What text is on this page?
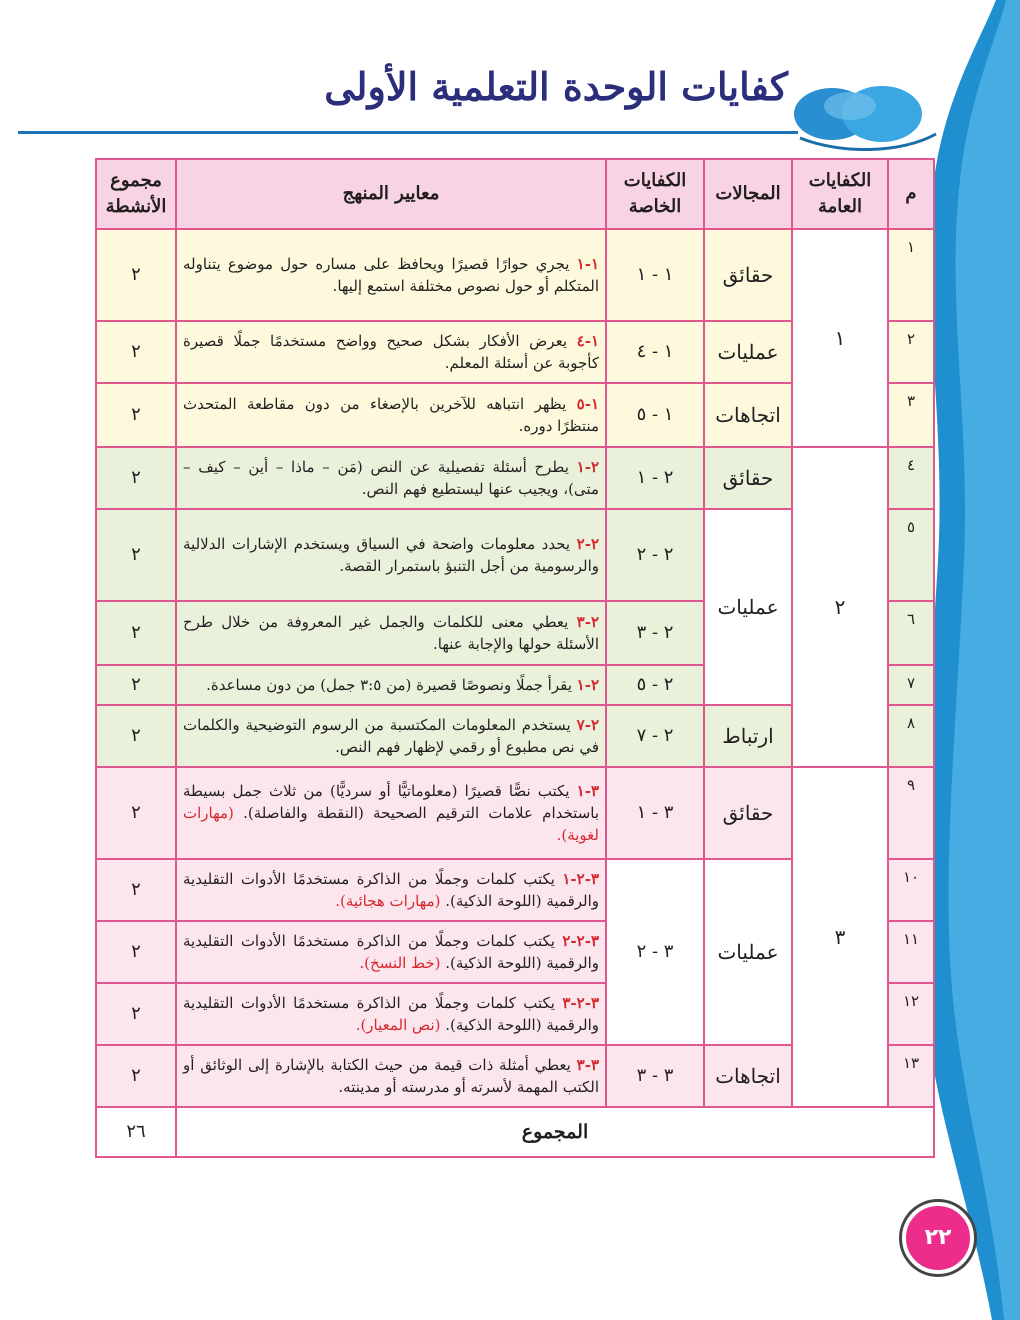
كفايات الوحدة التعلمية الأولى
م	الكفايات العامة	المجالات	الكفايات الخاصة	معايير المنهج	مجموع الأنشطة
١	١	حقائق	١ - ١	١-١ يجري حوارًا قصيرًا ويحافظ على مساره حول موضوع يتناوله المتكلم أو حول نصوص مختلفة استمع إليها.	٢
٢		عمليات	١ - ٤	١-٤ يعرض الأفكار بشكل صحيح وواضح مستخدمًا جملًا قصيرة كأجوبة عن أسئلة المعلم.	٢
٣		اتجاهات	١ - ٥	١-٥ يظهر انتباهه للآخرين بالإصغاء من دون مقاطعة المتحدث منتظرًا دوره.	٢
٤	٢	حقائق	٢ - ١	٢-١ يطرح أسئلة تفصيلية عن النص (مَن – ماذا – أين – كيف – متى)، ويجيب عنها ليستطيع فهم النص.	٢
٥		عمليات	٢ - ٢	٢-٢ يحدد معلومات واضحة في السياق ويستخدم الإشارات الدلالية والرسومية من أجل التنبؤ باستمرار القصة.	٢
٦			٢ - ٣	٢-٣ يعطي معنى للكلمات والجمل غير المعروفة من خلال طرح الأسئلة حولها والإجابة عنها.	٢
٧			٢ - ٥	٢-١ يقرأ جملًا ونصوصًا قصيرة (من ٣:٥ جمل) من دون مساعدة.	٢
٨		ارتباط	٢ - ٧	٢-٧ يستخدم المعلومات المكتسبة من الرسوم التوضيحية والكلمات في نص مطبوع أو رقمي لإظهار فهم النص.	٢
٩	٣	حقائق	٣ - ١	٣-١ يكتب نصًّا قصيرًا (معلوماتيًّا أو سرديًّا) من ثلاث جمل بسيطة باستخدام علامات الترقيم الصحيحة (النقطة والفاصلة). (مهارات لغوية).	٢
١٠		عمليات	٣ - ٢	٣-٢-١ يكتب كلمات وجملًا من الذاكرة مستخدمًا الأدوات التقليدية والرقمية (اللوحة الذكية). (مهارات هجائية).	٢
١١				٣-٢-٢ يكتب كلمات وجملًا من الذاكرة مستخدمًا الأدوات التقليدية والرقمية (اللوحة الذكية). (خط النسخ).	٢
١٢				٣-٢-٣ يكتب كلمات وجملًا من الذاكرة مستخدمًا الأدوات التقليدية والرقمية (اللوحة الذكية). (نص المعيار).	٢
١٣		اتجاهات	٣ - ٣	٣-٣ يعطي أمثلة ذات قيمة من حيث الكتابة بالإشارة إلى الوثائق أو الكتب المهمة لأسرته أو مدرسته أو مدينته.	٢
المجموع					٢٦
٢٢
